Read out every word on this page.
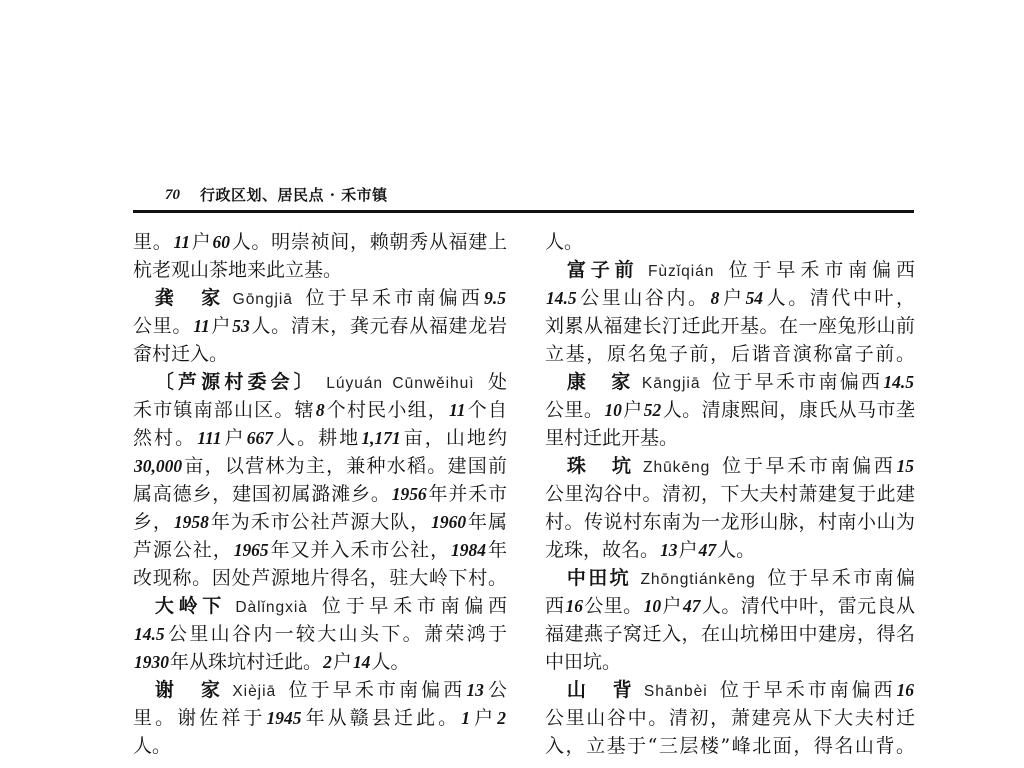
70 行政区划、居民点 · 禾市镇
里。11户60人。明崇祯间，赖朝秀从福建上
杭老观山茶地来此立基。
龚 家 Gōngjiā 位于早禾市南偏西9.5
公里。11户53人。清末，龚元春从福建龙岩
畲村迁入。
〔芦源村委会〕 Lúyuán Cūnwěihuì 处
禾市镇南部山区。辖8个村民小组，11个自
然村。111户667人。耕地1,171亩，山地约
30,000亩，以营林为主，兼种水稻。建国前
属高德乡，建国初属潞滩乡。1956年并禾市
乡，1958年为禾市公社芦源大队，1960年属
芦源公社，1965年又并入禾市公社，1984年
改现称。因处芦源地片得名，驻大岭下村。
大岭下 Dàlǐngxià 位于早禾市南偏西
14.5公里山谷内一较大山头下。萧荣鸿于
1930年从珠坑村迁此。2户14人。
谢 家 Xièjiā 位于早禾市南偏西13公
里。谢佐祥于1945年从赣县迁此。1户2
人。
人。
富子前 Fùzǐqián 位于早禾市南偏西
14.5公里山谷内。8户54人。清代中叶，
刘累从福建长汀迁此开基。在一座兔形山前
立基，原名兔子前，后谐音演称富子前。
康 家 Kāngjiā 位于早禾市南偏西14.5
公里。10户52人。清康熙间，康氏从马市垄
里村迁此开基。
珠 坑 Zhūkēng 位于早禾市南偏西15
公里沟谷中。清初，下大夫村萧建复于此建
村。传说村东南为一龙形山脉，村南小山为
龙珠，故名。13户47人。
中田坑 Zhōngtiánkēng 位于早禾市南偏
西16公里。10户47人。清代中叶，雷元良从
福建燕子窝迁入，在山坑梯田中建房，得名
中田坑。
山 背 Shānbèi 位于早禾市南偏西16
公里山谷中。清初，萧建亮从下大夫村迁
入，立基于“三层楼”峰北面，得名山背。
